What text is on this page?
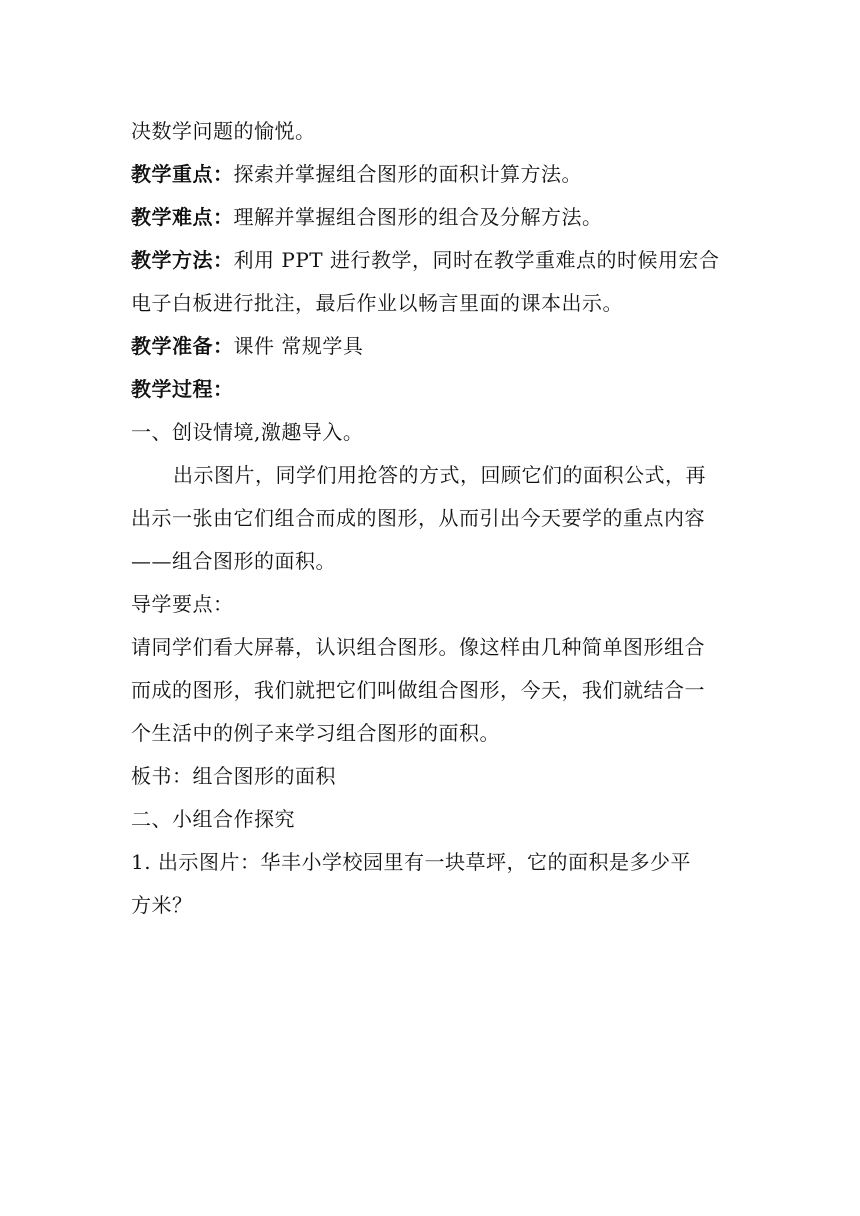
决数学问题的愉悦。
教学重点：探索并掌握组合图形的面积计算方法。
教学难点：理解并掌握组合图形的组合及分解方法。
教学方法：利用 PPT 进行教学，同时在教学重难点的时候用宏合
电子白板进行批注，最后作业以畅言里面的课本出示。
教学准备：课件 常规学具
教学过程：
一、创设情境,激趣导入。
出示图片，同学们用抢答的方式，回顾它们的面积公式，再
出示一张由它们组合而成的图形，从而引出今天要学的重点内容
——组合图形的面积。
导学要点：
请同学们看大屏幕，认识组合图形。像这样由几种简单图形组合
而成的图形，我们就把它们叫做组合图形，今天，我们就结合一
个生活中的例子来学习组合图形的面积。
板书：组合图形的面积
二、小组合作探究
1. 出示图片：华丰小学校园里有一块草坪，它的面积是多少平
方米？
